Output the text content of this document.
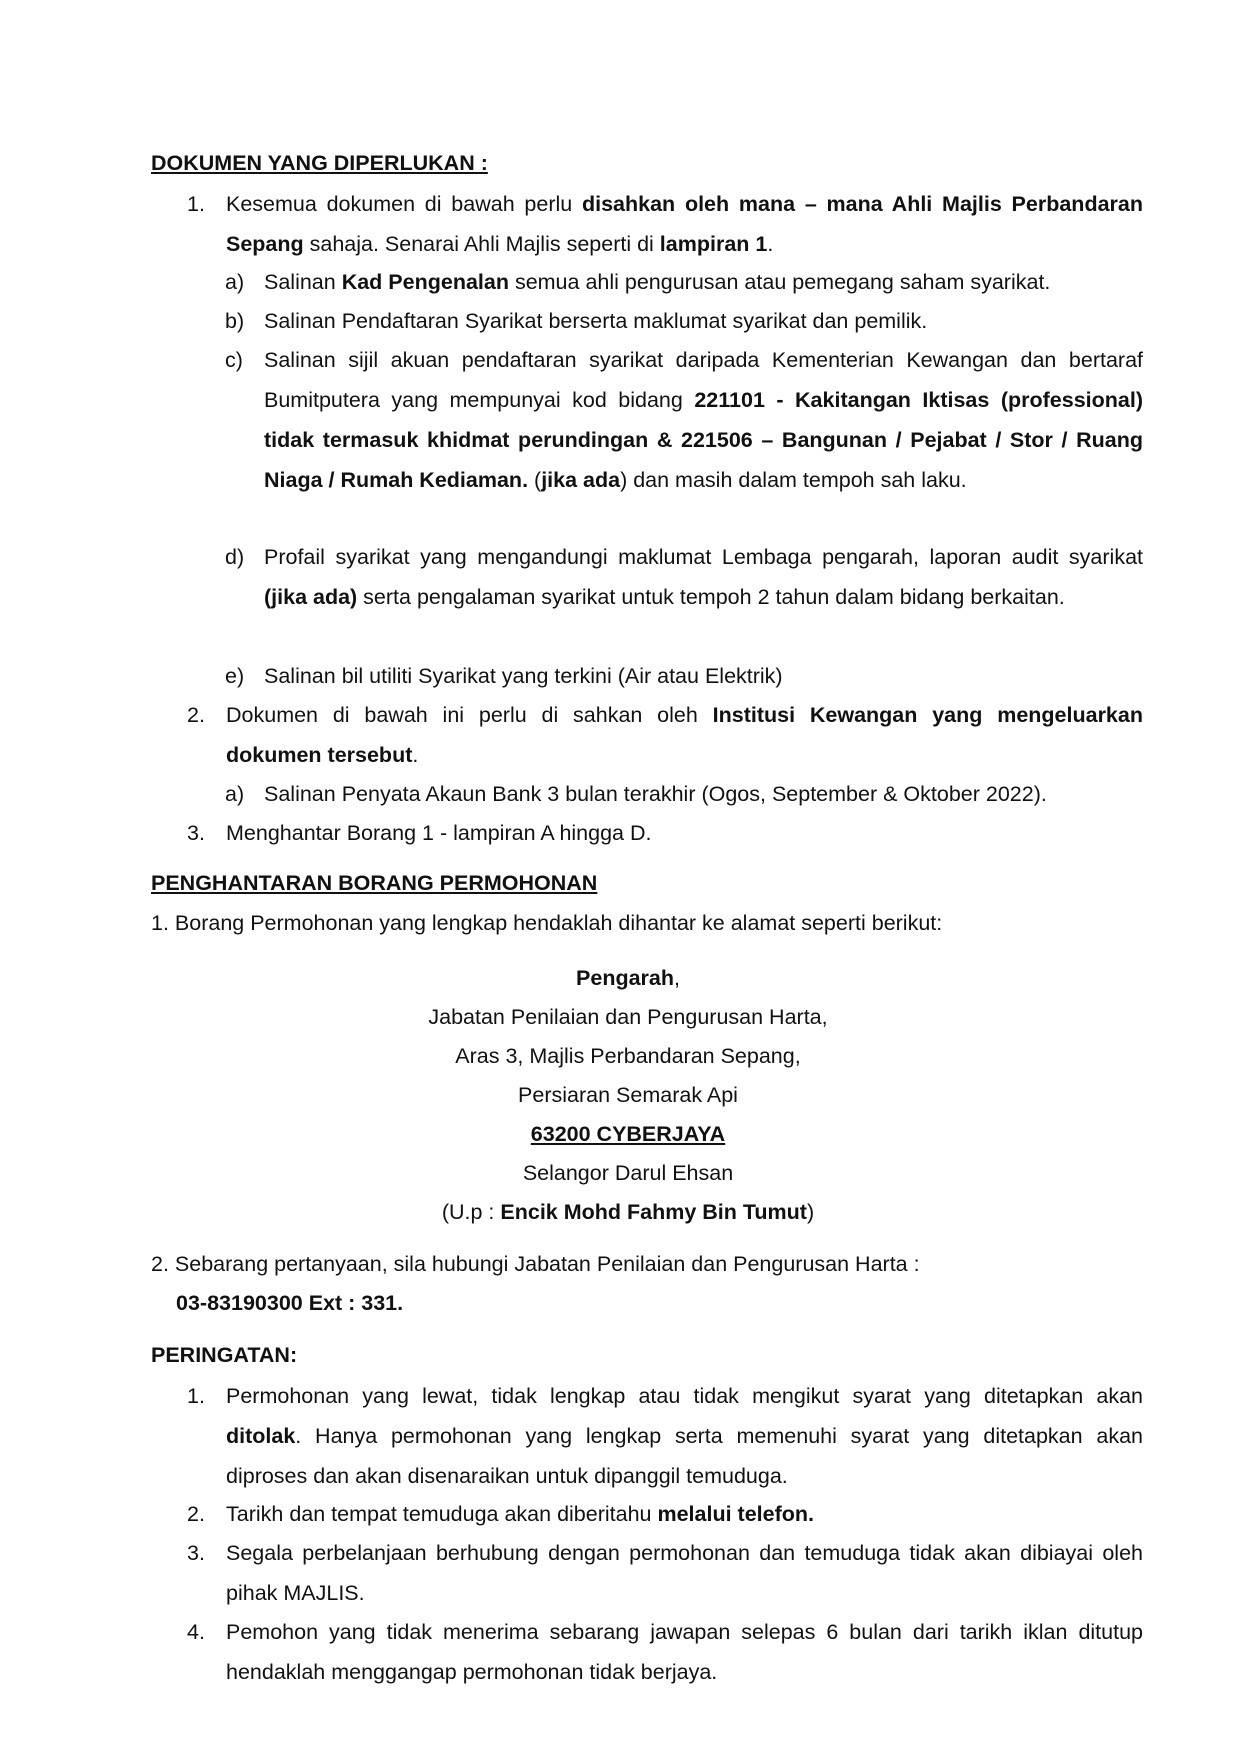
DOKUMEN YANG DIPERLUKAN :
1. Kesemua dokumen di bawah perlu disahkan oleh mana – mana Ahli Majlis Perbandaran Sepang sahaja. Senarai Ahli Majlis seperti di lampiran 1.
a) Salinan Kad Pengenalan semua ahli pengurusan atau pemegang saham syarikat.
b) Salinan Pendaftaran Syarikat berserta maklumat syarikat dan pemilik.
c) Salinan sijil akuan pendaftaran syarikat daripada Kementerian Kewangan dan bertaraf Bumitputera yang mempunyai kod bidang 221101 - Kakitangan Iktisas (professional) tidak termasuk khidmat perundingan & 221506 – Bangunan / Pejabat / Stor / Ruang Niaga / Rumah Kediaman. (jika ada) dan masih dalam tempoh sah laku.
d) Profail syarikat yang mengandungi maklumat Lembaga pengarah, laporan audit syarikat (jika ada) serta pengalaman syarikat untuk tempoh 2 tahun dalam bidang berkaitan.
e) Salinan bil utiliti Syarikat yang terkini (Air atau Elektrik)
2. Dokumen di bawah ini perlu di sahkan oleh Institusi Kewangan yang mengeluarkan dokumen tersebut.
a) Salinan Penyata Akaun Bank 3 bulan terakhir (Ogos, September & Oktober 2022).
3. Menghantar Borang 1 - lampiran A hingga D.
PENGHANTARAN BORANG PERMOHONAN
1. Borang Permohonan yang lengkap hendaklah dihantar ke alamat seperti berikut:
Pengarah,
Jabatan Penilaian dan Pengurusan Harta,
Aras 3, Majlis Perbandaran Sepang,
Persiaran Semarak Api
63200 CYBERJAYA
Selangor Darul Ehsan
(U.p : Encik Mohd Fahmy Bin Tumut)
2. Sebarang pertanyaan, sila hubungi Jabatan Penilaian dan Pengurusan Harta :
03-83190300 Ext : 331.
PERINGATAN:
1. Permohonan yang lewat, tidak lengkap atau tidak mengikut syarat yang ditetapkan akan ditolak. Hanya permohonan yang lengkap serta memenuhi syarat yang ditetapkan akan diproses dan akan disenaraikan untuk dipanggil temuduga.
2. Tarikh dan tempat temuduga akan diberitahu melalui telefon.
3. Segala perbelanjaan berhubung dengan permohonan dan temuduga tidak akan dibiayai oleh pihak MAJLIS.
4. Pemohon yang tidak menerima sebarang jawapan selepas 6 bulan dari tarikh iklan ditutup hendaklah menggangap permohonan tidak berjaya.
